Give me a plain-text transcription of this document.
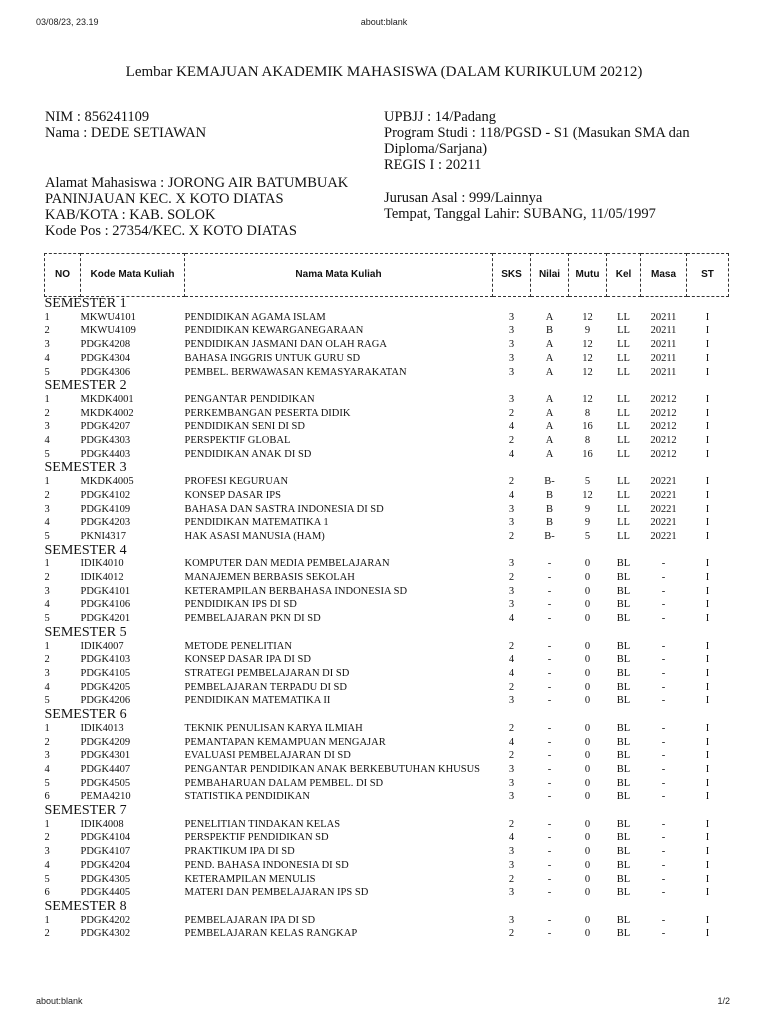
03/08/23, 23.19	about:blank
Lembar KEMAJUAN AKADEMIK MAHASISWA (DALAM KURIKULUM 20212)
NIM : 856241109
Nama : DEDE SETIAWAN
Alamat Mahasiswa : JORONG AIR BATUMBUAK
PANINJAUAN KEC. X KOTO DIATAS
KAB/KOTA : KAB. SOLOK
Kode Pos : 27354/KEC. X KOTO DIATAS
UPBJJ : 14/Padang
Program Studi : 118/PGSD - S1 (Masukan SMA dan
Diploma/Sarjana)
REGIS I : 20211
Jurusan Asal : 999/Lainnya
Tempat, Tanggal Lahir: SUBANG, 11/05/1997
NO	Kode Mata Kuliah	Nama Mata Kuliah	SKS	Nilai	Mutu	Kel	Masa	ST
SEMESTER 1								
1	MKWU4101	PENDIDIKAN AGAMA ISLAM	3	A	12	LL	20211	I
2	MKWU4109	PENDIDIKAN KEWARGANEGARAAN	3	B	9	LL	20211	I
3	PDGK4208	PENDIDIKAN JASMANI DAN OLAH RAGA	3	A	12	LL	20211	I
4	PDGK4304	BAHASA INGGRIS UNTUK GURU SD	3	A	12	LL	20211	I
5	PDGK4306	PEMBEL. BERWAWASAN KEMASYARAKATAN	3	A	12	LL	20211	I
SEMESTER 2								
1	MKDK4001	PENGANTAR PENDIDIKAN	3	A	12	LL	20212	I
2	MKDK4002	PERKEMBANGAN PESERTA DIDIK	2	A	8	LL	20212	I
3	PDGK4207	PENDIDIKAN SENI DI SD	4	A	16	LL	20212	I
4	PDGK4303	PERSPEKTIF GLOBAL	2	A	8	LL	20212	I
5	PDGK4403	PENDIDIKAN ANAK DI SD	4	A	16	LL	20212	I
SEMESTER 3								
1	MKDK4005	PROFESI KEGURUAN	2	B-	5	LL	20221	I
2	PDGK4102	KONSEP DASAR IPS	4	B	12	LL	20221	I
3	PDGK4109	BAHASA DAN SASTRA INDONESIA DI SD	3	B	9	LL	20221	I
4	PDGK4203	PENDIDIKAN MATEMATIKA 1	3	B	9	LL	20221	I
5	PKNI4317	HAK ASASI MANUSIA (HAM)	2	B-	5	LL	20221	I
SEMESTER 4								
1	IDIK4010	KOMPUTER DAN MEDIA PEMBELAJARAN	3	-	0	BL	-	I
2	IDIK4012	MANAJEMEN BERBASIS SEKOLAH	2	-	0	BL	-	I
3	PDGK4101	KETERAMPILAN BERBAHASA INDONESIA SD	3	-	0	BL	-	I
4	PDGK4106	PENDIDIKAN IPS DI SD	3	-	0	BL	-	I
5	PDGK4201	PEMBELAJARAN PKN DI SD	4	-	0	BL	-	I
SEMESTER 5								
1	IDIK4007	METODE PENELITIAN	2	-	0	BL	-	I
2	PDGK4103	KONSEP DASAR IPA DI SD	4	-	0	BL	-	I
3	PDGK4105	STRATEGI PEMBELAJARAN DI SD	4	-	0	BL	-	I
4	PDGK4205	PEMBELAJARAN TERPADU DI SD	2	-	0	BL	-	I
5	PDGK4206	PENDIDIKAN MATEMATIKA II	3	-	0	BL	-	I
SEMESTER 6								
1	IDIK4013	TEKNIK PENULISAN KARYA ILMIAH	2	-	0	BL	-	I
2	PDGK4209	PEMANTAPAN KEMAMPUAN MENGAJAR	4	-	0	BL	-	I
3	PDGK4301	EVALUASI PEMBELAJARAN DI SD	2	-	0	BL	-	I
4	PDGK4407	PENGANTAR PENDIDIKAN ANAK BERKEBUTUHAN KHUSUS	3	-	0	BL	-	I
5	PDGK4505	PEMBAHARUAN DALAM PEMBEL. DI SD	3	-	0	BL	-	I
6	PEMA4210	STATISTIKA PENDIDIKAN	3	-	0	BL	-	I
SEMESTER 7								
1	IDIK4008	PENELITIAN TINDAKAN KELAS	2	-	0	BL	-	I
2	PDGK4104	PERSPEKTIF PENDIDIKAN SD	4	-	0	BL	-	I
3	PDGK4107	PRAKTIKUM IPA DI SD	3	-	0	BL	-	I
4	PDGK4204	PEND. BAHASA INDONESIA DI SD	3	-	0	BL	-	I
5	PDGK4305	KETERAMPILAN MENULIS	2	-	0	BL	-	I
6	PDGK4405	MATERI DAN PEMBELAJARAN IPS SD	3	-	0	BL	-	I
SEMESTER 8								
1	PDGK4202	PEMBELAJARAN IPA DI SD	3	-	0	BL	-	I
2	PDGK4302	PEMBELAJARAN KELAS RANGKAP	2	-	0	BL	-	I
about:blank	1/2
